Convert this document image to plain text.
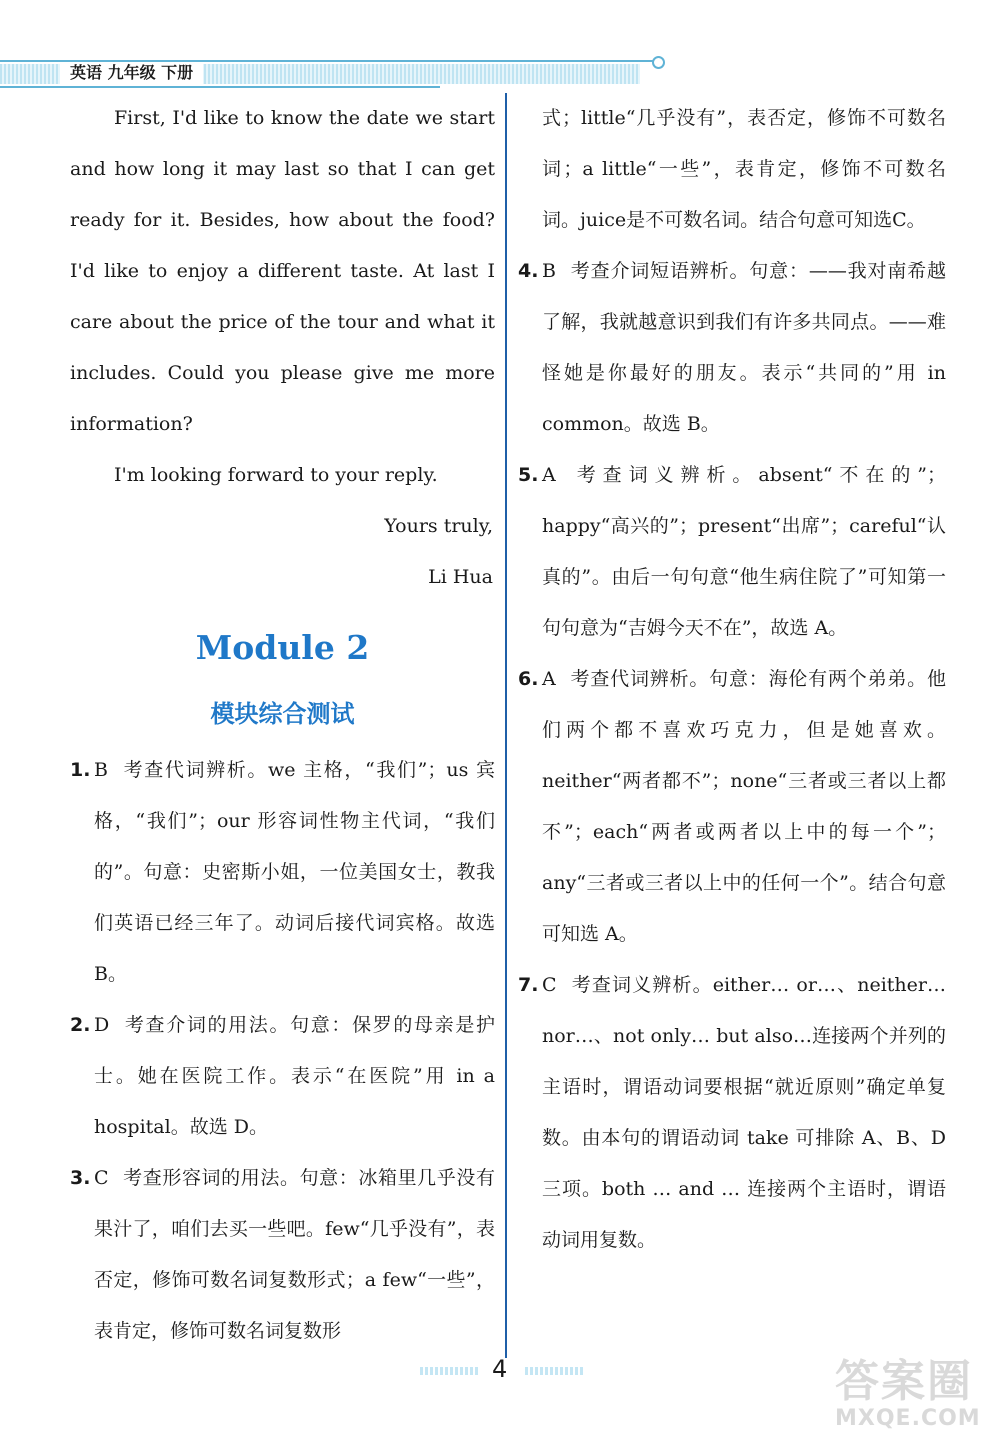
英语 九年级 下册

First, I'd like to know the date we start and how long it may last so that I can get ready for it. Besides, how about the food? I'd like to enjoy a different taste. At last I care about the price of the tour and what it includes. Could you please give me more information?

I'm looking forward to your reply.

Yours truly,

Li Hua

Module 2
模块综合测试

1. B 考查代词辨析。we 主格，“我们”；us 宾格，“我们”；our 形容词性物主代词，“我们的”。句意：史密斯小姐，一位美国女士，教我们英语已经三年了。动词后接代词宾格。故选 B。

2. D 考查介词的用法。句意：保罗的母亲是护士。她在医院工作。表示“在医院”用 in a hospital。故选 D。

3. C 考查形容词的用法。句意：冰箱里几乎没有果汁了，咱们去买一些吧。few“几乎没有”，表否定，修饰可数名词复数形式；a few“一些”，表肯定，修饰可数名词复数形

式；little“几乎没有”，表否定，修饰不可数名词；a little“一些”，表肯定，修饰不可数名词。juice是不可数名词。结合句意可知选C。

4. B 考查介词短语辨析。句意：——我对南希越了解，我就越意识到我们有许多共同点。——难怪她是你最好的朋友。表示“共同的”用 in common。故选 B。

5. A 考查词义辨析。absent“不在的”；happy“高兴的”；present“出席”；careful“认真的”。由后一句句意“他生病住院了”可知第一句句意为“吉姆今天不在”，故选 A。

6. A 考查代词辨析。句意：海伦有两个弟弟。他们两个都不喜欢巧克力，但是她喜欢。neither“两者都不”；none“三者或三者以上都不”；each“两者或两者以上中的每一个”；any“三者或三者以上中的任何一个”。结合句意可知选 A。

7. C 考查词义辨析。either… or…、neither… nor…、not only… but also…连接两个并列的主语时，谓语动词要根据“就近原则”确定单复数。由本句的谓语动词 take 可排除 A、B、D 三项。both … and … 连接两个主语时，谓语动词用复数。

4	答案圈
MXQE.COM
